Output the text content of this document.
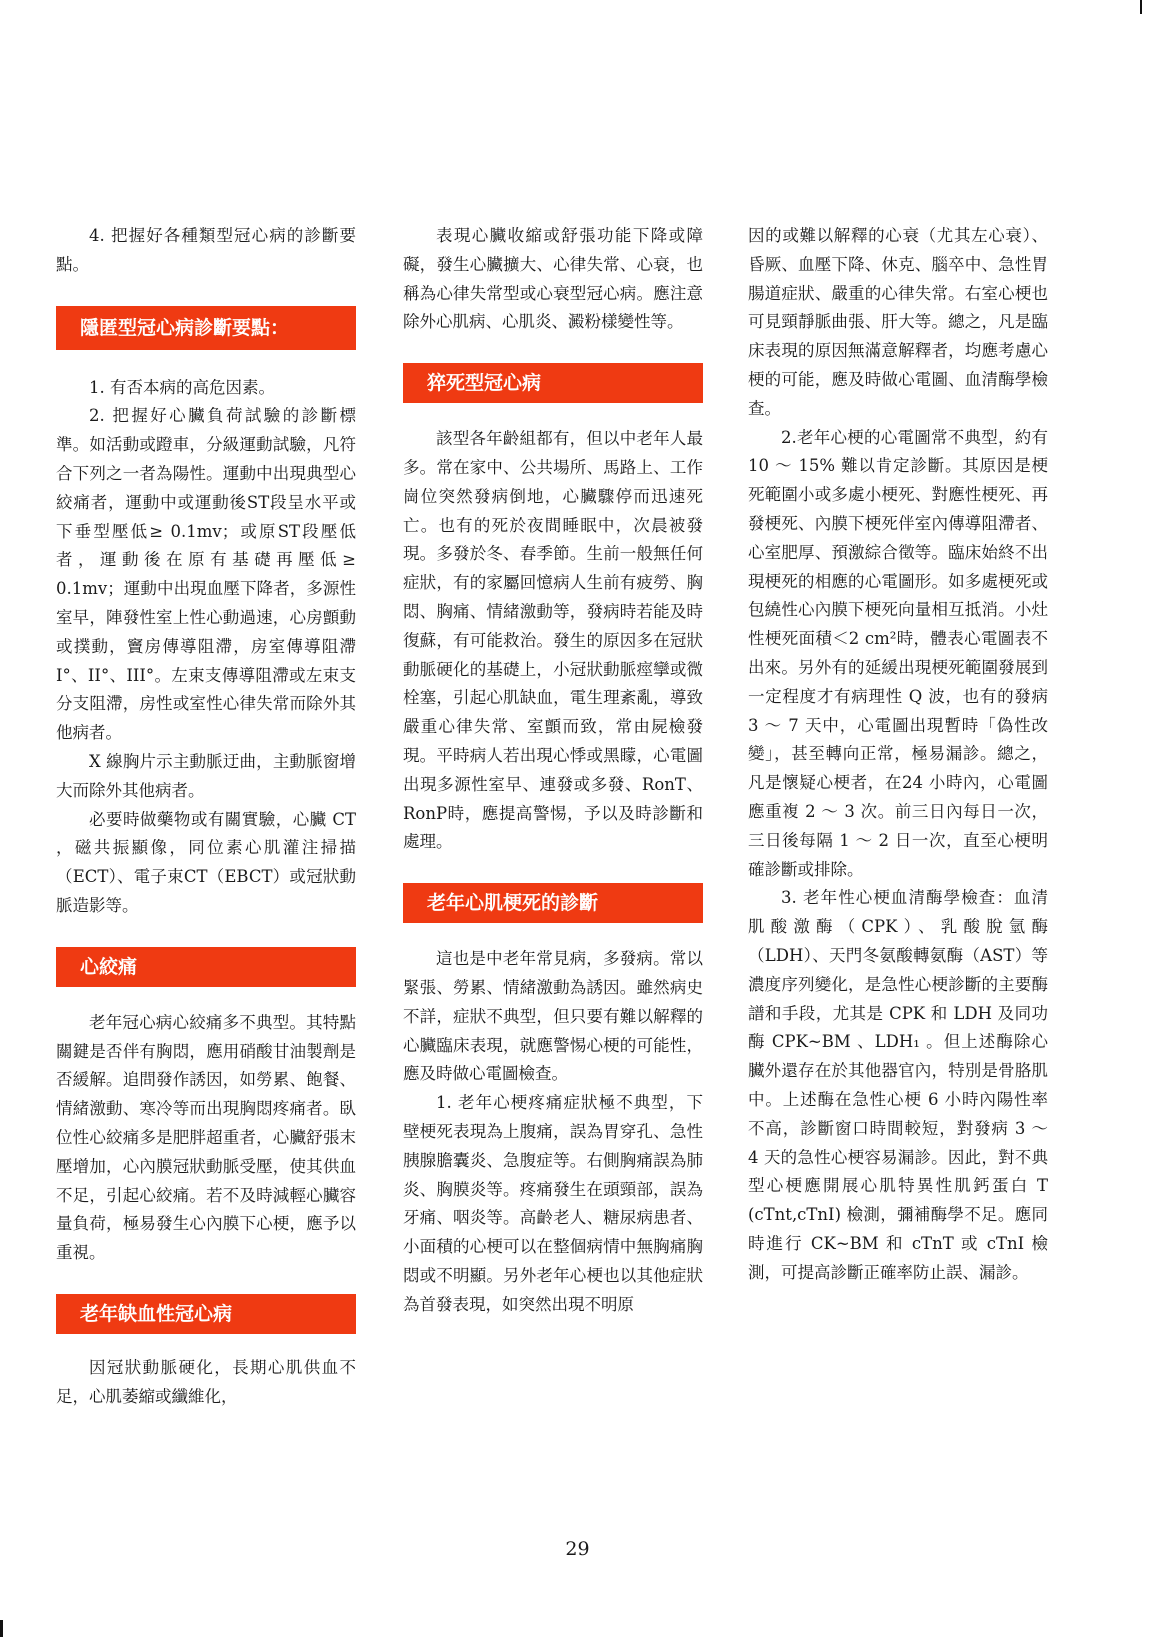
4. 把握好各種類型冠心病的診斷要點。

隱匿型冠心病診斷要點：

1. 有否本病的高危因素。

2. 把握好心臟負荷試驗的診斷標準。如活動或蹬車，分級運動試驗，凡符合下列之一者為陽性。運動中出現典型心絞痛者，運動中或運動後ST段呈水平或下垂型壓低≥ 0.1mv；或原ST段壓低者，運動後在原有基礎再壓低≥ 0.1mv；運動中出現血壓下降者，多源性室早，陣發性室上性心動過速，心房顫動或撲動，竇房傳導阻滯，房室傳導阻滯I°、II°、III°。左束支傳導阻滯或左束支分支阻滯，房性或室性心律失常而除外其他病者。

X 線胸片示主動脈迂曲，主動脈窗增大而除外其他病者。

必要時做藥物或有關實驗，心臟 CT ，磁共振顯像，同位素心肌灌注掃描（ECT）、電子束CT（EBCT）或冠狀動脈造影等。

心絞痛

老年冠心病心絞痛多不典型。其特點關鍵是否伴有胸悶，應用硝酸甘油製劑是否緩解。追問發作誘因，如勞累、飽餐、情緒激動、寒冷等而出現胸悶疼痛者。臥位性心絞痛多是肥胖超重者，心臟舒張末壓增加，心內膜冠狀動脈受壓，使其供血不足，引起心絞痛。若不及時減輕心臟容量負荷，極易發生心內膜下心梗，應予以重視。

老年缺血性冠心病

因冠狀動脈硬化，長期心肌供血不足，心肌萎縮或纖維化，

表現心臟收縮或舒張功能下降或障礙，發生心臟擴大、心律失常、心衰，也稱為心律失常型或心衰型冠心病。應注意除外心肌病、心肌炎、澱粉樣變性等。

猝死型冠心病

該型各年齡組都有，但以中老年人最多。常在家中、公共場所、馬路上、工作崗位突然發病倒地，心臟驟停而迅速死亡。也有的死於夜間睡眠中，次晨被發現。多發於冬、春季節。生前一般無任何症狀，有的家屬回憶病人生前有疲勞、胸悶、胸痛、情緒激動等，發病時若能及時復蘇，有可能救治。發生的原因多在冠狀動脈硬化的基礎上，小冠狀動脈痙攣或微栓塞，引起心肌缺血，電生理紊亂，導致嚴重心律失常、室顫而致，常由屍檢發現。平時病人若出現心悸或黑矇，心電圖出現多源性室早、連發或多發、RonT、RonP時，應提高警惕，予以及時診斷和處理。

老年心肌梗死的診斷

這也是中老年常見病，多發病。常以緊張、勞累、情緒激動為誘因。雖然病史不詳，症狀不典型，但只要有難以解釋的心臟臨床表現，就應警惕心梗的可能性，應及時做心電圖檢查。

1. 老年心梗疼痛症狀極不典型，下壁梗死表現為上腹痛，誤為胃穿孔、急性胰腺膽囊炎、急腹症等。右側胸痛誤為肺炎、胸膜炎等。疼痛發生在頭頸部，誤為牙痛、咽炎等。高齡老人、糖尿病患者、小面積的心梗可以在整個病情中無胸痛胸悶或不明顯。另外老年心梗也以其他症狀為首發表現，如突然出現不明原

因的或難以解釋的心衰（尤其左心衰）、昏厥、血壓下降、休克、腦卒中、急性胃腸道症狀、嚴重的心律失常。右室心梗也可見頸靜脈曲張、肝大等。總之，凡是臨床表現的原因無滿意解釋者，均應考慮心梗的可能，應及時做心電圖、血清酶學檢查。

2.老年心梗的心電圖常不典型，約有 10 ～ 15% 難以肯定診斷。其原因是梗死範圍小或多處小梗死、對應性梗死、再發梗死、內膜下梗死伴室內傳導阻滯者、心室肥厚、預激綜合徵等。臨床始終不出現梗死的相應的心電圖形。如多處梗死或包繞性心內膜下梗死向量相互抵消。小灶性梗死面積＜2 cm²時，體表心電圖表不出來。另外有的延緩出現梗死範圍發展到一定程度才有病理性 Q 波，也有的發病 3 ～ 7 天中，心電圖出現暫時「偽性改變」，甚至轉向正常，極易漏診。總之，凡是懷疑心梗者，在24 小時內，心電圖應重複 2 ～ 3 次。前三日內每日一次，三日後每隔 1 ～ 2 日一次，直至心梗明確診斷或排除。

3. 老年性心梗血清酶學檢查：血清肌酸激酶（CPK）、乳酸脫氫酶（LDH）、天門冬氨酸轉氨酶（AST）等濃度序列變化，是急性心梗診斷的主要酶譜和手段，尤其是 CPK 和 LDH 及同功酶 CPK~BM 、LDH₁ 。但上述酶除心臟外還存在於其他器官內，特別是骨胳肌中。上述酶在急性心梗 6 小時內陽性率不高，診斷窗口時間較短，對發病 3 ～ 4 天的急性心梗容易漏診。因此，對不典型心梗應開展心肌特異性肌鈣蛋白 T (cTnt,cTnI) 檢測，彌補酶學不足。應同時進行 CK~BM 和 cTnT 或 cTnI 檢測，可提高診斷正確率防止誤、漏診。

29
